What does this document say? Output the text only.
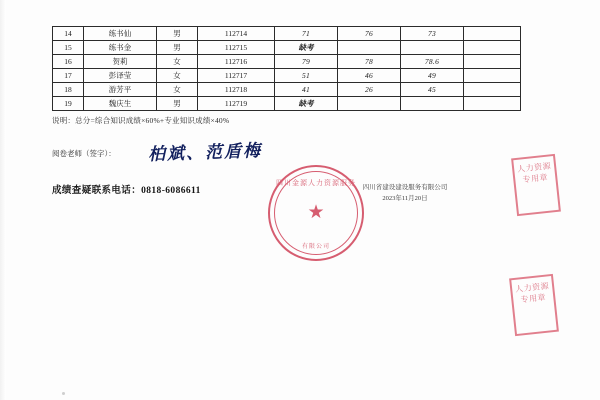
14	练书仙	男	112714	71	76	73	
15	练书金	男	112715	缺考			
16	贺莉	女	112716	79	78	78.6	
17	彭译莹	女	112717	51	46	49	
18	游芳平	女	112718	41	26	45	
19	魏庆生	男	112719	缺考			
说明：总分=综合知识成绩×60%+专业知识成绩×40%
阅卷老师（签字）： 柏斌、范盾梅
成绩查疑联系电话：0818-6086611	四川省建设建设服务有限公司
2023年11月20日
四川金源人力资源服务
★
有限公司
人力资源专用章
人力资源专用章
